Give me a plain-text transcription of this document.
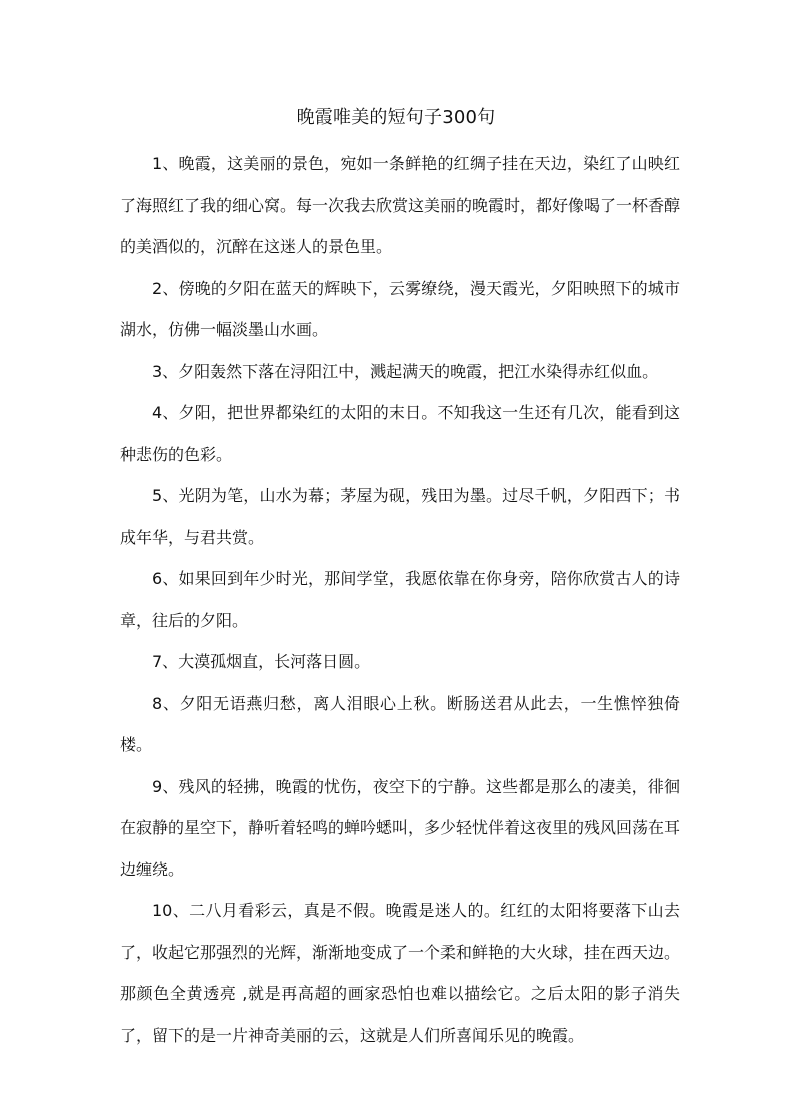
晚霞唯美的短句子300句

1、晚霞，这美丽的景色，宛如一条鲜艳的红绸子挂在天边，染红了山映红了海照红了我的细心窝。每一次我去欣赏这美丽的晚霞时，都好像喝了一杯香醇的美酒似的，沉醉在这迷人的景色里。

2、傍晚的夕阳在蓝天的辉映下，云雾缭绕，漫天霞光，夕阳映照下的城市湖水，仿佛一幅淡墨山水画。

3、夕阳轰然下落在浔阳江中，溅起满天的晚霞，把江水染得赤红似血。

4、夕阳，把世界都染红的太阳的末日。不知我这一生还有几次，能看到这种悲伤的色彩。

5、光阴为笔，山水为幕；茅屋为砚，残田为墨。过尽千帆，夕阳西下；书成年华，与君共赏。

6、如果回到年少时光，那间学堂，我愿依靠在你身旁，陪你欣赏古人的诗章，往后的夕阳。

7、大漠孤烟直，长河落日圆。

8、夕阳无语燕归愁，离人泪眼心上秋。断肠送君从此去，一生憔悴独倚楼。

9、残风的轻拂，晚霞的忧伤，夜空下的宁静。这些都是那么的凄美，徘徊在寂静的星空下，静听着轻鸣的蝉吟蟋叫，多少轻忧伴着这夜里的残风回荡在耳边缠绕。

10、二八月看彩云，真是不假。晚霞是迷人的。红红的太阳将要落下山去了，收起它那强烈的光辉，渐渐地变成了一个柔和鲜艳的大火球，挂在西天边。那颜色全黄透亮 ,就是再高超的画家恐怕也难以描绘它。之后太阳的影子消失了，留下的是一片神奇美丽的云，这就是人们所喜闻乐见的晚霞。
